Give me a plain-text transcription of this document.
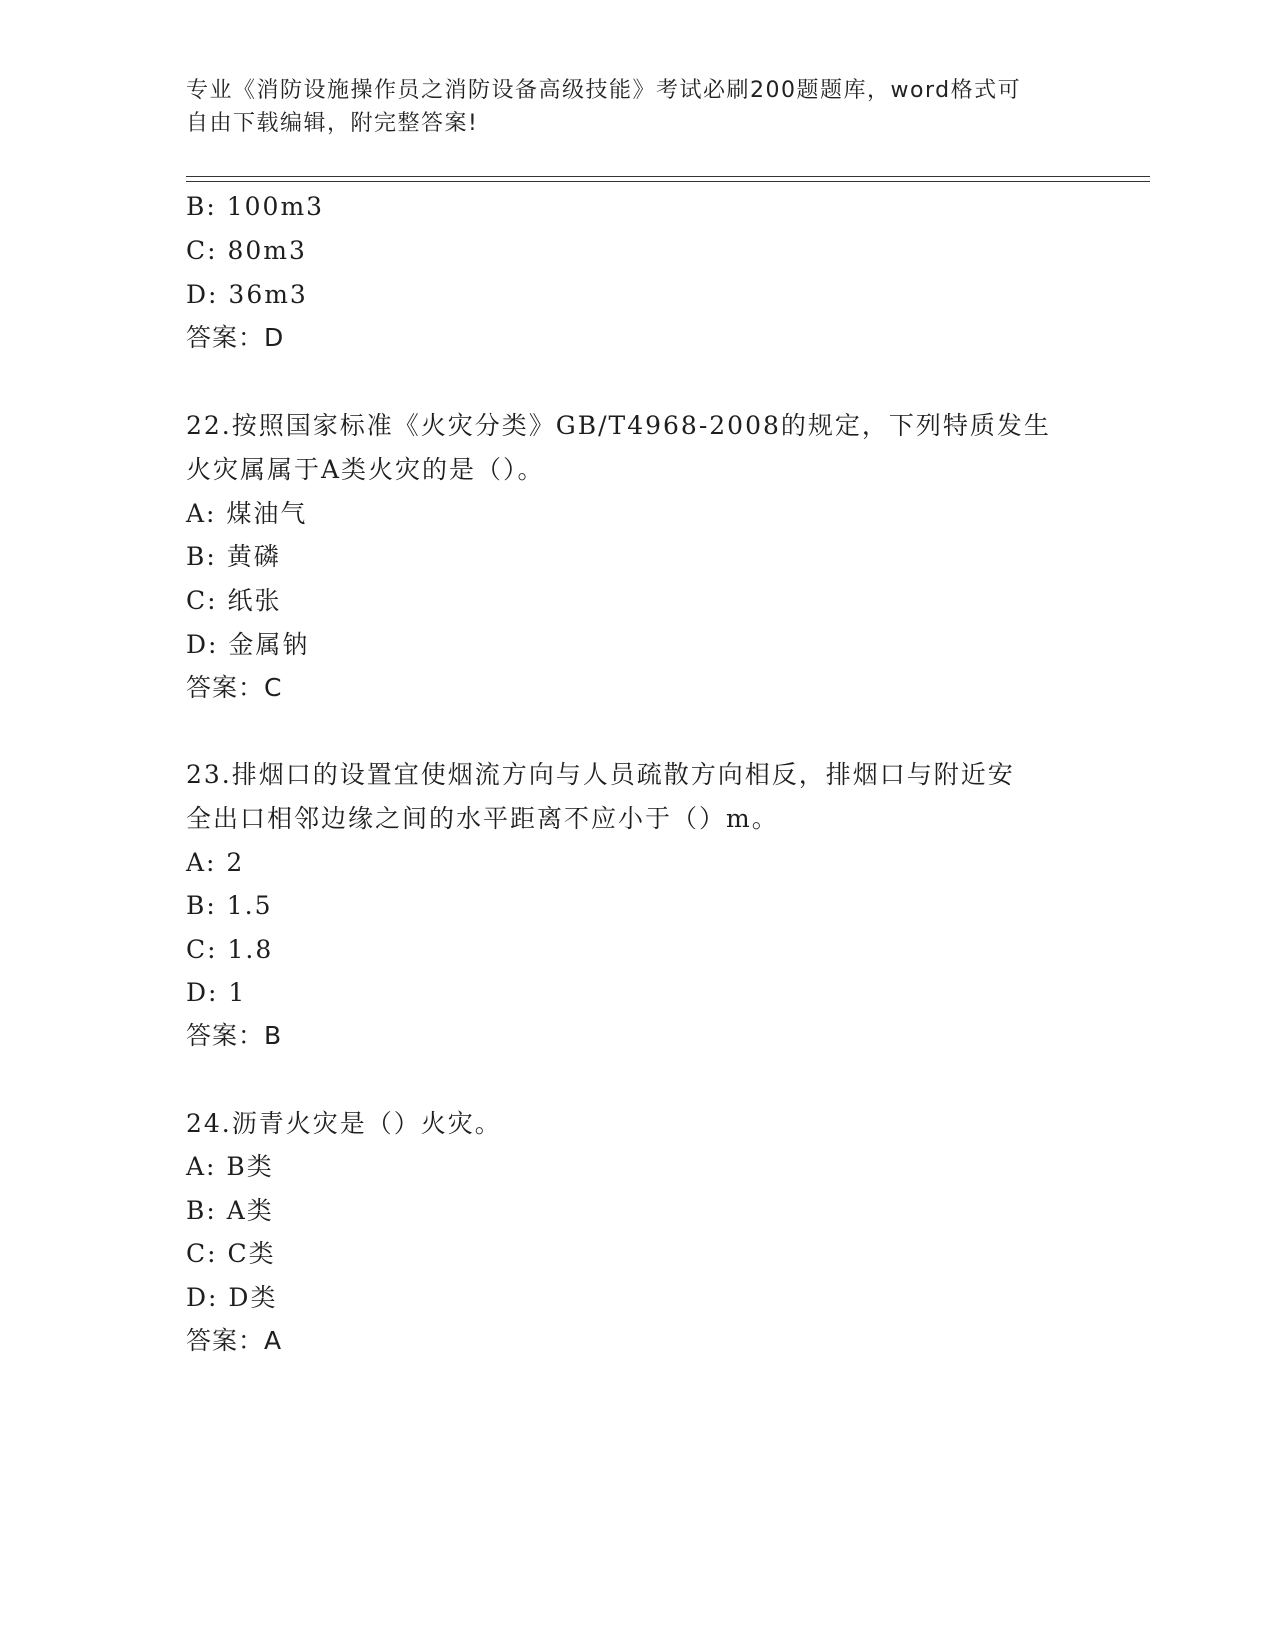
专业《消防设施操作员之消防设备高级技能》考试必刷200题题库，word格式可
自由下载编辑，附完整答案!
B: 100m3
C: 80m3
D: 36m3
答案：D
22.按照国家标准《火灾分类》GB/T4968-2008的规定，下列特质发生
火灾属属于A类火灾的是（）。
A: 煤油气
B: 黄磷
C: 纸张
D: 金属钠
答案：C
23.排烟口的设置宜使烟流方向与人员疏散方向相反，排烟口与附近安
全出口相邻边缘之间的水平距离不应小于（）m。
A: 2
B: 1.5
C: 1.8
D: 1
答案：B
24.沥青火灾是（）火灾。
A: B类
B: A类
C: C类
D: D类
答案：A
